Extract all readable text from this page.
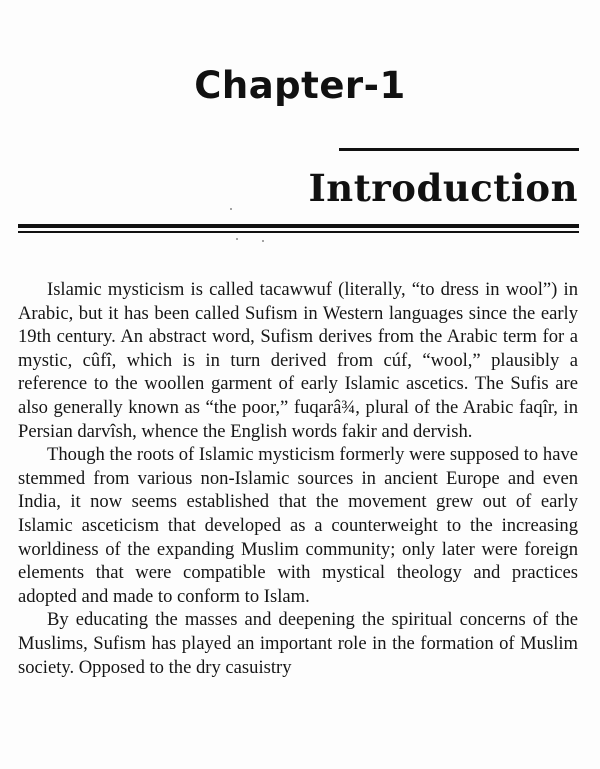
Chapter-1
Introduction

Islamic mysticism is called tacawwuf (literally, “to dress in wool”) in Arabic, but it has been called Sufism in Western languages since the early 19th century. An abstract word, Sufism derives from the Arabic term for a mystic, cûfî, which is in turn derived from cúf, “wool,” plausibly a reference to the woollen garment of early Islamic ascetics. The Sufis are also generally known as “the poor,” fuqarâ¾, plural of the Arabic faqîr, in Persian darvîsh, whence the English words fakir and dervish.

Though the roots of Islamic mysticism formerly were supposed to have stemmed from various non-Islamic sources in ancient Europe and even India, it now seems established that the movement grew out of early Islamic asceticism that developed as a counterweight to the increasing worldiness of the expanding Muslim community; only later were foreign elements that were compatible with mystical theology and practices adopted and made to conform to Islam.

By educating the masses and deepening the spiritual concerns of the Muslims, Sufism has played an important role in the formation of Muslim society. Opposed to the dry casuistry
